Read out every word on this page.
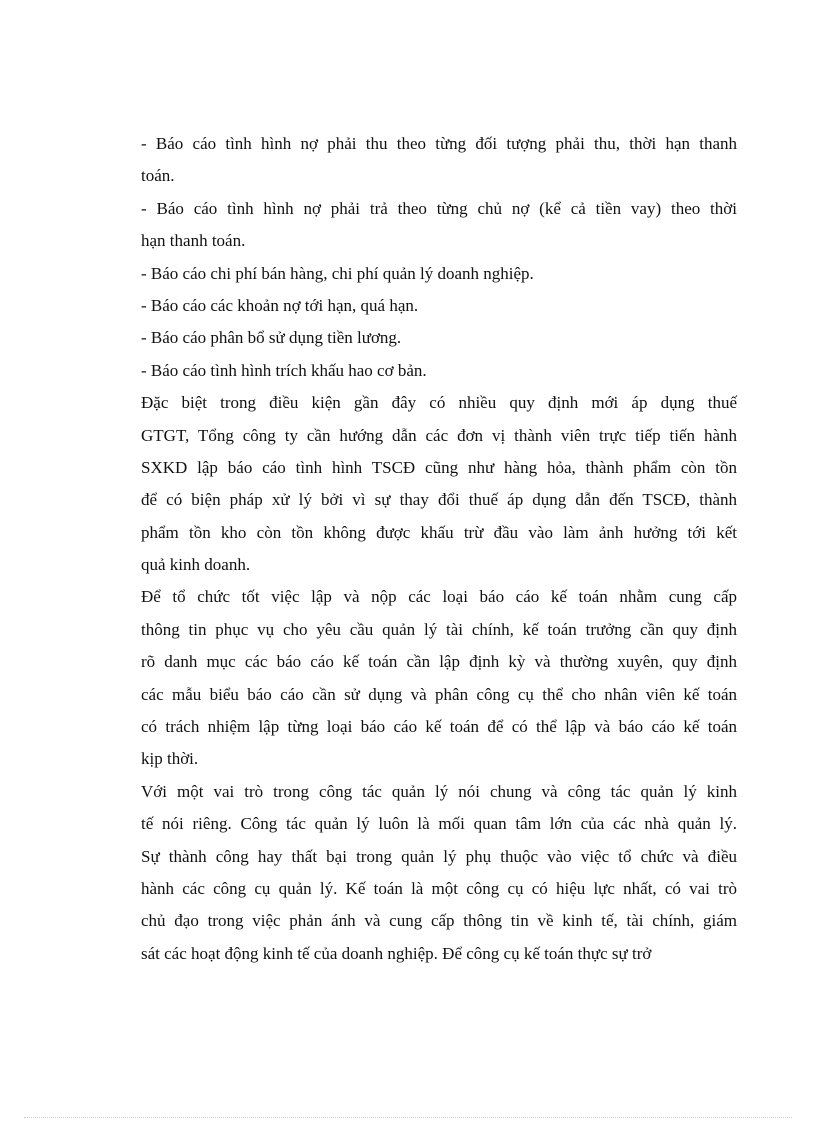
- Báo cáo tình hình nợ phải thu theo từng đối tượng phải thu, thời hạn thanh
toán.
- Báo cáo tình hình nợ phải trả theo từng chủ nợ (kể cả tiền vay) theo thời
hạn thanh toán.
- Báo cáo chi phí bán hàng, chi phí quản lý doanh nghiệp.
- Báo cáo các khoản nợ tới hạn, quá hạn.
- Báo cáo phân bổ sử dụng tiền lương.
- Báo cáo tình hình trích khấu hao cơ bản.
Đặc biệt trong điều kiện gần đây có nhiều quy định mới áp dụng thuế
GTGT, Tổng công ty cần hướng dẫn các đơn vị thành viên trực tiếp tiến hành
SXKD lập báo cáo tình hình TSCĐ cũng như hàng hỏa, thành phẩm còn tồn
để có biện pháp xử lý bởi vì sự thay đổi thuế áp dụng dẫn đến TSCĐ, thành
phẩm tồn kho còn tồn không được khấu trừ đầu vào làm ảnh hưởng tới kết
quả kinh doanh.
Để tổ chức tốt việc lập và nộp các loại báo cáo kế toán nhằm cung cấp
thông tin phục vụ cho yêu cầu quản lý tài chính, kế toán trưởng cần quy định
rõ danh mục các báo cáo kế toán cần lập định kỳ và thường xuyên, quy định
các mẫu biểu báo cáo cần sử dụng và phân công cụ thể cho nhân viên kế toán
có trách nhiệm lập từng loại báo cáo kế toán để có thể lập và báo cáo kế toán
kịp thời.
Với một vai trò trong công tác quản lý nói chung và công tác quản lý kinh
tế nói riêng. Công tác quản lý luôn là mối quan tâm lớn của các nhà quản lý.
Sự thành công hay thất bại trong quản lý phụ thuộc vào việc tổ chức và điều
hành các công cụ quản lý. Kế toán là một công cụ có hiệu lực nhất, có vai trò
chủ đạo trong việc phản ánh và cung cấp thông tin về kinh tế, tài chính, giám
sát các hoạt động kinh tế của doanh nghiệp. Để công cụ kế toán thực sự trở
